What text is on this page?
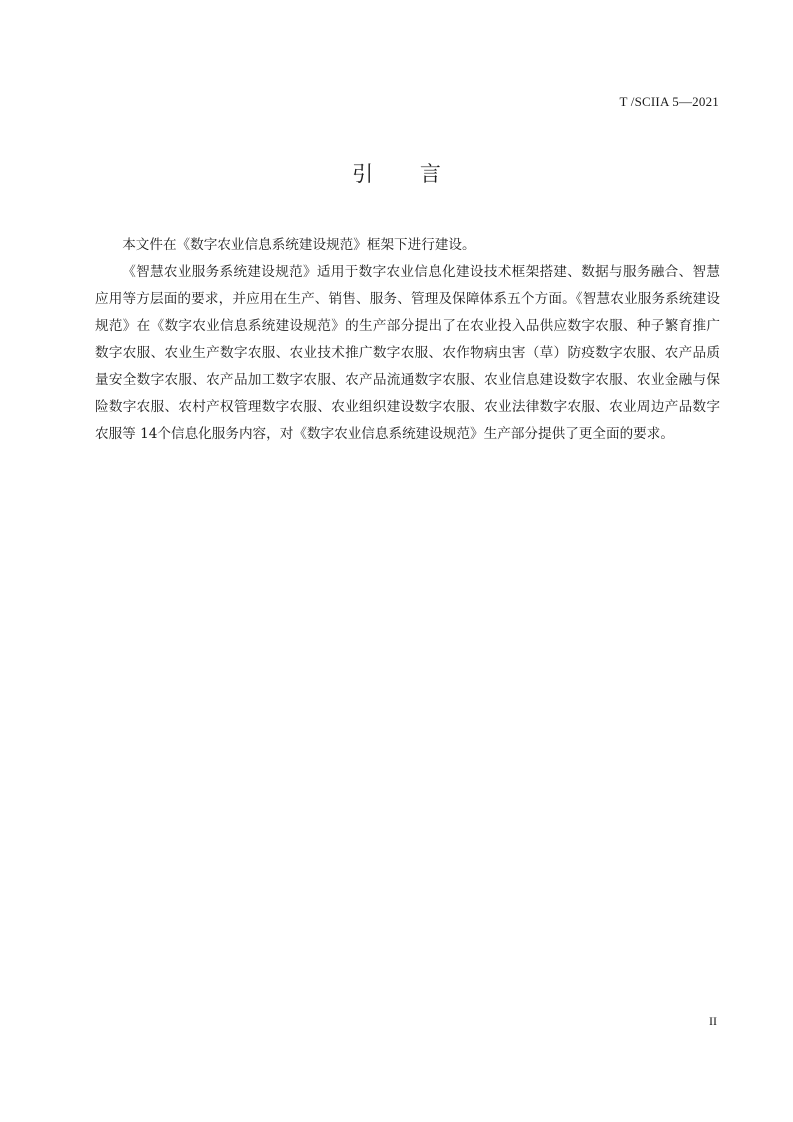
T /SCIIA 5—2021
引 言

本文件在《数字农业信息系统建设规范》框架下进行建设。

《智慧农业服务系统建设规范》适用于数字农业信息化建设技术框架搭建、数据与服务融合、智慧应用等方层面的要求，并应用在生产、销售、服务、管理及保障体系五个方面。《智慧农业服务系统建设规范》在《数字农业信息系统建设规范》的生产部分提出了在农业投入品供应数字农服、种子繁育推广数字农服、农业生产数字农服、农业技术推广数字农服、农作物病虫害（草）防疫数字农服、农产品质量安全数字农服、农产品加工数字农服、农产品流通数字农服、农业信息建设数字农服、农业金融与保险数字农服、农村产权管理数字农服、农业组织建设数字农服、农业法律数字农服、农业周边产品数字农服等 14个信息化服务内容，对《数字农业信息系统建设规范》生产部分提供了更全面的要求。

II
